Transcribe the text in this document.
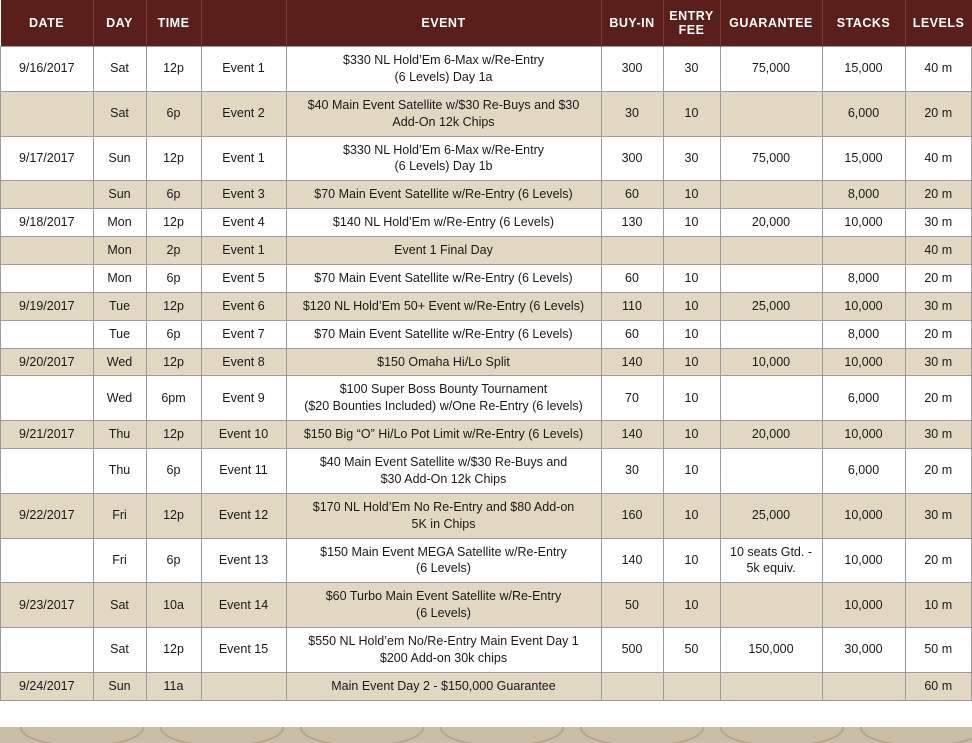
DATE	DAY	TIME		EVENT	BUY-IN	ENTRY
FEE	GUARANTEE	STACKS	LEVELS
9/16/2017	Sat	12p	Event 1	$330 NL Hold’Em 6-Max w/Re-Entry
(6 Levels) Day 1a	300	30	75,000	15,000	40 m
	Sat	6p	Event 2	$40 Main Event Satellite w/$30 Re-Buys and $30
Add-On 12k Chips	30	10		6,000	20 m
9/17/2017	Sun	12p	Event 1	$330 NL Hold’Em 6-Max w/Re-Entry
(6 Levels) Day 1b	300	30	75,000	15,000	40 m
	Sun	6p	Event 3	$70 Main Event Satellite w/Re-Entry (6 Levels)	60	10		8,000	20 m
9/18/2017	Mon	12p	Event 4	$140 NL Hold’Em w/Re-Entry (6 Levels)	130	10	20,000	10,000	30 m
	Mon	2p	Event 1	Event 1 Final Day					40 m
	Mon	6p	Event 5	$70 Main Event Satellite w/Re-Entry (6 Levels)	60	10		8,000	20 m
9/19/2017	Tue	12p	Event 6	$120 NL Hold’Em 50+ Event w/Re-Entry (6 Levels)	110	10	25,000	10,000	30 m
	Tue	6p	Event 7	$70 Main Event Satellite w/Re-Entry (6 Levels)	60	10		8,000	20 m
9/20/2017	Wed	12p	Event 8	$150 Omaha Hi/Lo Split	140	10	10,000	10,000	30 m
	Wed	6pm	Event 9	$100 Super Boss Bounty Tournament
($20 Bounties Included) w/One Re-Entry (6 levels)	70	10		6,000	20 m
9/21/2017	Thu	12p	Event 10	$150 Big “O” Hi/Lo Pot Limit w/Re-Entry (6 Levels)	140	10	20,000	10,000	30 m
	Thu	6p	Event 11	$40 Main Event Satellite w/$30 Re-Buys and
$30 Add-On 12k Chips	30	10		6,000	20 m
9/22/2017	Fri	12p	Event 12	$170 NL Hold’Em No Re-Entry and $80 Add-on
5K in Chips	160	10	25,000	10,000	30 m
	Fri	6p	Event 13	$150 Main Event MEGA Satellite w/Re-Entry
(6 Levels)	140	10	10 seats Gtd. - 5k equiv.	10,000	20 m
9/23/2017	Sat	10a	Event 14	$60 Turbo Main Event Satellite w/Re-Entry
(6 Levels)	50	10		10,000	10 m
	Sat	12p	Event 15	$550 NL Hold’em No/Re-Entry Main Event Day 1
$200 Add-on 30k chips	500	50	150,000	30,000	50 m
9/24/2017	Sun	11a		Main Event Day 2 - $150,000 Guarantee					60 m
